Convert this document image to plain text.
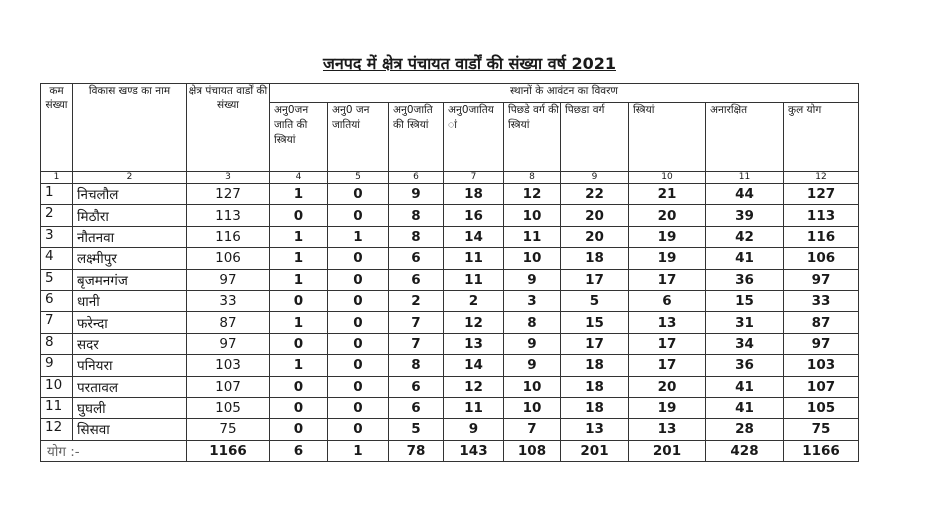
जनपद में क्षेत्र पंचायत वार्डों की संख्या वर्ष 2021
कम संख्या	विकास खण्ड का नाम	क्षेत्र पंचायत वार्डों की संख्या	स्थानों के आवंटन का विवरण								
			अनु0जन जाति की स्त्रियां	अनु0 जन जातियां	अनु0जाति की स्त्रियां	अनु0जातिय ां	पिछडे वर्ग की स्त्रियां	पिछडा वर्ग	स्त्रियां	अनारक्षित	कुल योग
1	2	3	4	5	6	7	8	9	10	11	12
1	निचलौल	127	1	0	9	18	12	22	21	44	127
2	मिठौरा	113	0	0	8	16	10	20	20	39	113
3	नौतनवा	116	1	1	8	14	11	20	19	42	116
4	लक्ष्मीपुर	106	1	0	6	11	10	18	19	41	106
5	बृजमनगंज	97	1	0	6	11	9	17	17	36	97
6	धानी	33	0	0	2	2	3	5	6	15	33
7	फरेन्दा	87	1	0	7	12	8	15	13	31	87
8	सदर	97	0	0	7	13	9	17	17	34	97
9	पनियरा	103	1	0	8	14	9	18	17	36	103
10	परतावल	107	0	0	6	12	10	18	20	41	107
11	घुघली	105	0	0	6	11	10	18	19	41	105
12	सिसवा	75	0	0	5	9	7	13	13	28	75
योग :-		1166	6	1	78	143	108	201	201	428	1166
